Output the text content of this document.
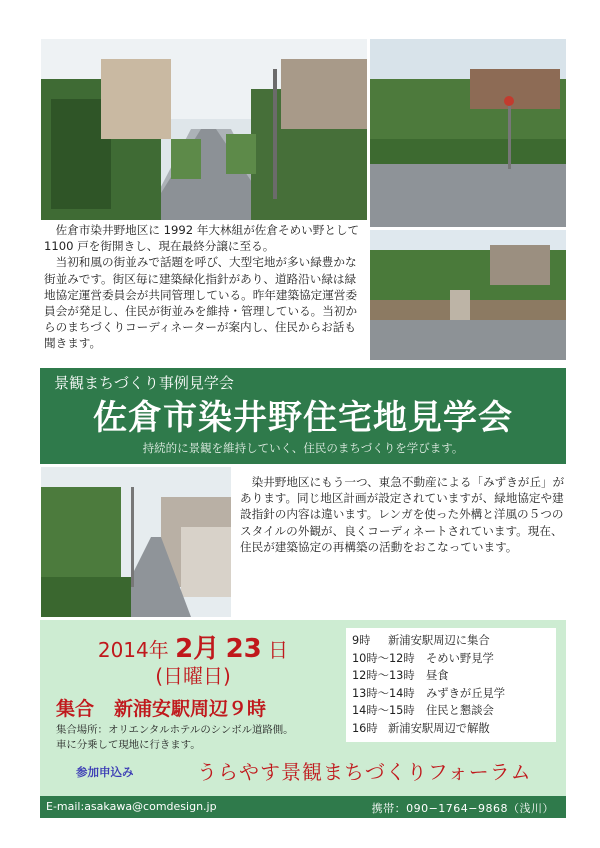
佐倉市染井野地区に 1992 年大林組が佐倉そめい野として 1100 戸を街開きし、現在最終分譲に至る。

当初和風の街並みで話題を呼び、大型宅地が多い緑豊かな街並みです。街区毎に建築緑化指針があり、道路沿い緑は緑地協定運営委員会が共同管理している。昨年建築協定運営委員会が発足し、住民が街並みを維持・管理している。当初からのまちづくりコーディネーターが案内し、住民からお話も聞きます。

景観まちづくり事例見学会
佐倉市染井野住宅地見学会
持続的に景観を維持していく、住民のまちづくりを学びます。

染井野地区にもう一つ、東急不動産による「みずきが丘」があります。同じ地区計画が設定されていますが、緑地協定や建設指針の内容は違います。レンガを使った外構と洋風の５つのスタイルの外観が、良くコーディネートされています。現在、住民が建築協定の再構築の活動をおこなっています。

2014年 2月 23 日
(日曜日)
集合 新浦安駅周辺９時
集合場所：オリエンタルホテルのシンボル道路側。
車に分乗して現地に行きます。
参加申込み	うらやす景観まちづくりフォーラム
9時	新浦安駅周辺に集合
10時〜12時	そめい野見学
12時〜13時	昼食
13時〜14時	みずきが丘見学
14時〜15時	住民と懇談会
16時 新浦安駅周辺で解散
E-mail:asakawa@comdesign.jp	携帯：090−1764−9868（浅川）
